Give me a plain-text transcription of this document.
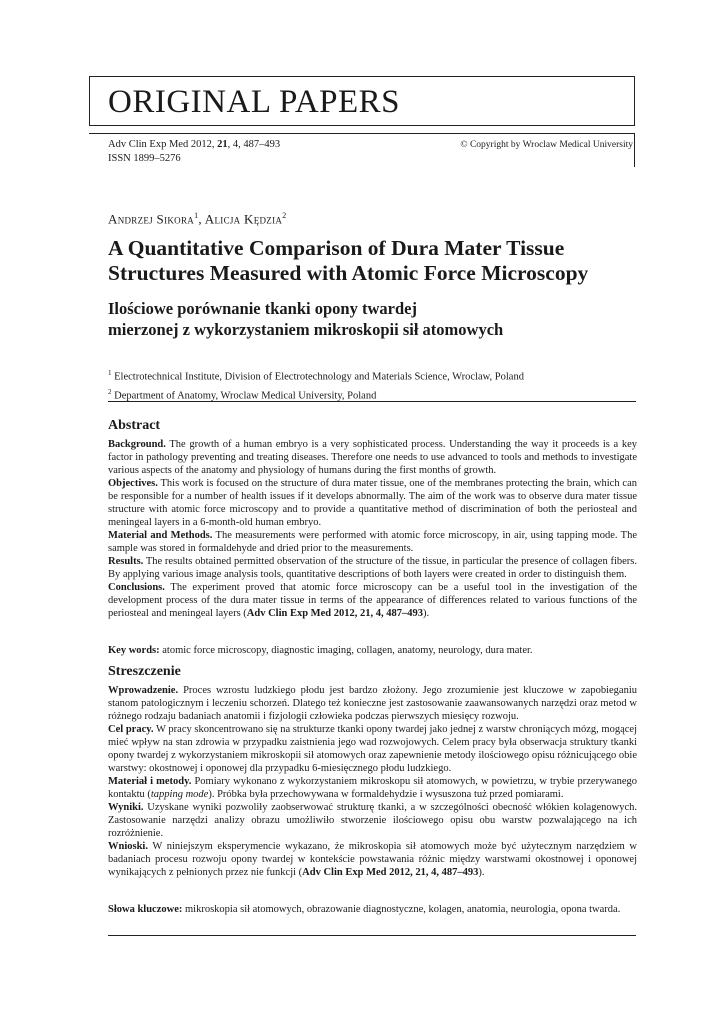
ORIGINAL PAPERS
Adv Clin Exp Med 2012, 21, 4, 487–493
ISSN 1899–5276
© Copyright by Wroclaw Medical University
Andrzej Sikora$^1$, Alicja Kędzia$^2$
A Quantitative Comparison of Dura Mater Tissue Structures Measured with Atomic Force Microscopy
Ilościowe porównanie tkanki opony twardej
mierzonej z wykorzystaniem mikroskopii sił atomowych
$^1$ Electrotechnical Institute, Division of Electrotechnology and Materials Science, Wroclaw, Poland
$^2$ Department of Anatomy, Wroclaw Medical University, Poland
Abstract

Background. The growth of a human embryo is a very sophisticated process. Understanding the way it proceeds is a key factor in pathology preventing and treating diseases. Therefore one needs to use advanced to tools and methods to investigate various aspects of the anatomy and physiology of humans during the first months of growth.

Objectives. This work is focused on the structure of dura mater tissue, one of the membranes protecting the brain, which can be responsible for a number of health issues if it develops abnormally. The aim of the work was to observe dura mater tissue structure with atomic force microscopy and to provide a quantitative method of discrimination of both the periosteal and meningeal layers in a 6-month-old human embryo.

Material and Methods. The measurements were performed with atomic force microscopy, in air, using tapping mode. The sample was stored in formaldehyde and dried prior to the measurements.

Results. The results obtained permitted observation of the structure of the tissue, in particular the presence of collagen fibers. By applying various image analysis tools, quantitative descriptions of both layers were created in order to distinguish them.

Conclusions. The experiment proved that atomic force microscopy can be a useful tool in the investigation of the development process of the dura mater tissue in terms of the appearance of differences related to various functions of the periosteal and meningeal layers (Adv Clin Exp Med 2012, 21, 4, 487–493).

Key words: atomic force microscopy, diagnostic imaging, collagen, anatomy, neurology, dura mater.
Streszczenie

Wprowadzenie. Proces wzrostu ludzkiego płodu jest bardzo złożony. Jego zrozumienie jest kluczowe w zapobieganiu stanom patologicznym i leczeniu schorzeń. Dlatego też konieczne jest zastosowanie zaawansowanych narzędzi oraz metod w różnego rodzaju badaniach anatomii i fizjologii człowieka podczas pierwszych miesięcy rozwoju.

Cel pracy. W pracy skoncentrowano się na strukturze tkanki opony twardej jako jednej z warstw chroniących mózg, mogącej mieć wpływ na stan zdrowia w przypadku zaistnienia jego wad rozwojowych. Celem pracy była obserwacja struktury tkanki opony twardej z wykorzystaniem mikroskopii sił atomowych oraz zapewnienie metody ilościowego opisu różnicującego obie warstwy: okostnowej i oponowej dla przypadku 6-miesięcznego płodu ludzkiego.

Materiał i metody. Pomiary wykonano z wykorzystaniem mikroskopu sił atomowych, w powietrzu, w trybie przerywanego kontaktu (tapping mode). Próbka była przechowywana w formaldehydzie i wysuszona tuż przed pomiarami.

Wyniki. Uzyskane wyniki pozwoliły zaobserwować strukturę tkanki, a w szczególności obecność włókien kolagenowych. Zastosowanie narzędzi analizy obrazu umożliwiło stworzenie ilościowego opisu obu warstw pozwalającego na ich rozróżnienie.

Wnioski. W niniejszym eksperymencie wykazano, że mikroskopia sił atomowych może być użytecznym narzędziem w badaniach procesu rozwoju opony twardej w kontekście powstawania różnic między warstwami okostnowej i oponowej wynikających z pełnionych przez nie funkcji (Adv Clin Exp Med 2012, 21, 4, 487–493).

Słowa kluczowe: mikroskopia sił atomowych, obrazowanie diagnostyczne, kolagen, anatomia, neurologia, opona twarda.
